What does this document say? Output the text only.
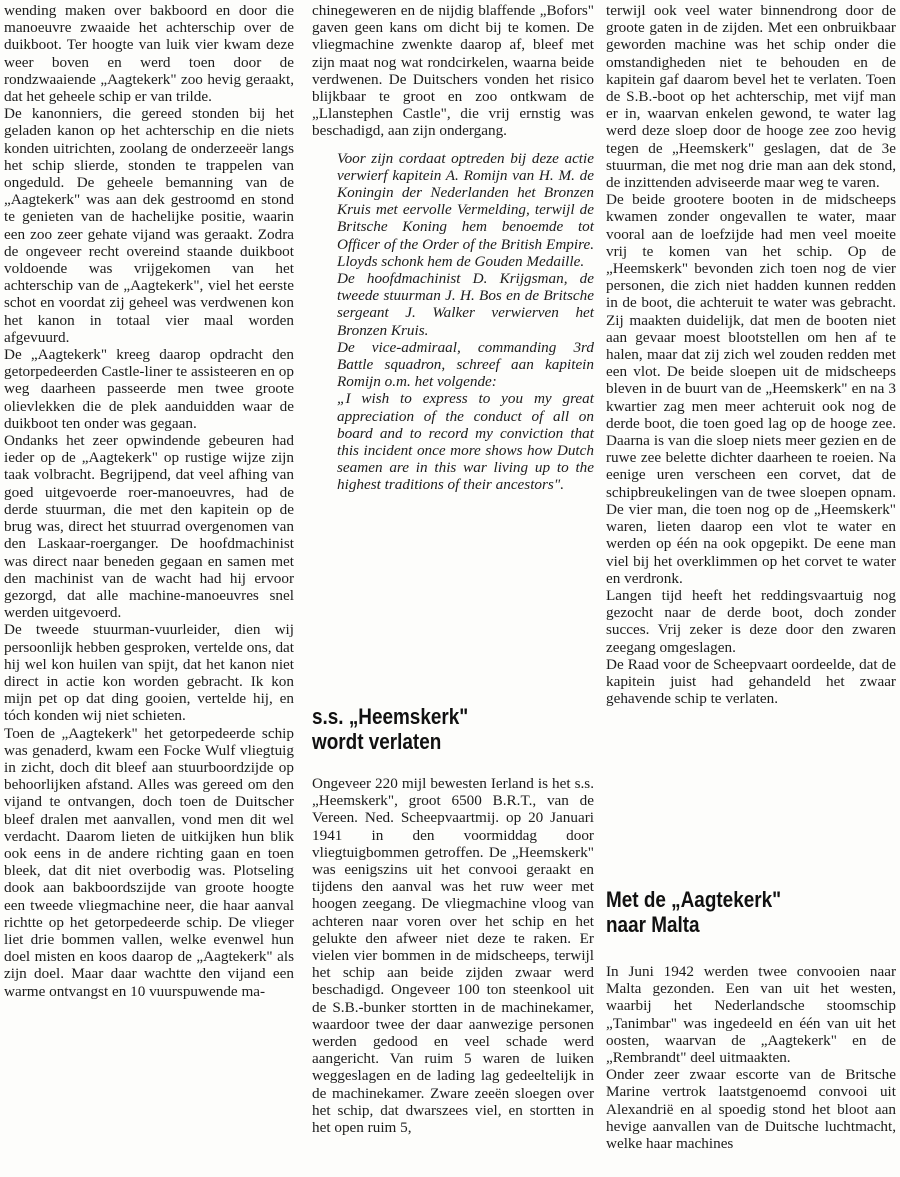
wending maken over bakboord en door die manoeuvre zwaaide het achterschip over de duikboot. Ter hoogte van luik vier kwam deze weer boven en werd toen door de rondzwaaiende „Aagtekerk" zoo hevig geraakt, dat het geheele schip er van trilde.

De kanonniers, die gereed stonden bij het geladen kanon op het achterschip en die niets konden uitrichten, zoolang de onderzeeër langs het schip slierde, stonden te trappelen van ongeduld. De geheele bemanning van de „Aagtekerk" was aan dek gestroomd en stond te genieten van de hachelijke positie, waarin een zoo zeer gehate vijand was geraakt. Zodra de ongeveer recht overeind staande duikboot voldoende was vrijgekomen van het achterschip van de „Aagtekerk", viel het eerste schot en voordat zij geheel was verdwenen kon het kanon in totaal vier maal worden afgevuurd.

De „Aagtekerk" kreeg daarop opdracht den getorpedeerden Castle-liner te assisteeren en op weg daarheen passeerde men twee groote olievlekken die de plek aanduidden waar de duikboot ten onder was gegaan.

Ondanks het zeer opwindende gebeuren had ieder op de „Aagtekerk" op rustige wijze zijn taak volbracht. Begrijpend, dat veel afhing van goed uitgevoerde roer-manoeuvres, had de derde stuurman, die met den kapitein op de brug was, direct het stuurrad overgenomen van den Laskaar-roerganger. De hoofdmachinist was direct naar beneden gegaan en samen met den machinist van de wacht had hij ervoor gezorgd, dat alle machine-manoeuvres snel werden uitgevoerd.

De tweede stuurman-vuurleider, dien wij persoonlijk hebben gesproken, vertelde ons, dat hij wel kon huilen van spijt, dat het kanon niet direct in actie kon worden gebracht. Ik kon mijn pet op dat ding gooien, vertelde hij, en tóch konden wij niet schieten.

Toen de „Aagtekerk" het getorpedeerde schip was genaderd, kwam een Focke Wulf vliegtuig in zicht, doch dit bleef aan stuurboordzijde op behoorlijken afstand. Alles was gereed om den vijand te ontvangen, doch toen de Duitscher bleef dralen met aanvallen, vond men dit wel verdacht. Daarom lieten de uitkijken hun blik ook eens in de andere richting gaan en toen bleek, dat dit niet overbodig was. Plotseling dook aan bakboordszijde van groote hoogte een tweede vliegmachine neer, die haar aanval richtte op het getorpedeerde schip. De vlieger liet drie bommen vallen, welke evenwel hun doel misten en koos daarop de „Aagtekerk" als zijn doel. Maar daar wachtte den vijand een warme ontvangst en 10 vuurspuwende ma-

chinegeweren en de nijdig blaffende „Bofors" gaven geen kans om dicht bij te komen. De vliegmachine zwenkte daarop af, bleef met zijn maat nog wat rondcirkelen, waarna beide verdwenen. De Duitschers vonden het risico blijkbaar te groot en zoo ontkwam de „Llanstephen Castle", die vrij ernstig was beschadigd, aan zijn ondergang.

Voor zijn cordaat optreden bij deze actie verwierf kapitein A. Romijn van H. M. de Koningin der Nederlanden het Bronzen Kruis met eervolle Vermelding, terwijl de Britsche Koning hem benoemde tot Officer of the Order of the British Empire. Lloyds schonk hem de Gouden Medaille.

De hoofdmachinist D. Krijgsman, de tweede stuurman J. H. Bos en de Britsche sergeant J. Walker verwierven het Bronzen Kruis.

De vice-admiraal, commanding 3rd Battle squadron, schreef aan kapitein Romijn o.m. het volgende:

„I wish to express to you my great appreciation of the conduct of all on board and to record my conviction that this incident once more shows how Dutch seamen are in this war living up to the highest traditions of their ancestors".

s.s. „Heemskerk"
wordt verlaten

Ongeveer 220 mijl bewesten Ierland is het s.s. „Heemskerk", groot 6500 B.R.T., van de Vereen. Ned. Scheepvaartmij. op 20 Januari 1941 in den voormiddag door vliegtuigbommen getroffen. De „Heemskerk" was eenigszins uit het convooi geraakt en tijdens den aanval was het ruw weer met hoogen zeegang. De vliegmachine vloog van achteren naar voren over het schip en het gelukte den afweer niet deze te raken. Er vielen vier bommen in de midscheeps, terwijl het schip aan beide zijden zwaar werd beschadigd. Ongeveer 100 ton steenkool uit de S.B.-bunker stortten in de machinekamer, waardoor twee der daar aanwezige personen werden gedood en veel schade werd aangericht. Van ruim 5 waren de luiken weggeslagen en de lading lag gedeeltelijk in de machinekamer. Zware zeeën sloegen over het schip, dat dwarszees viel, en stortten in het open ruim 5,

terwijl ook veel water binnendrong door de groote gaten in de zijden. Met een onbruikbaar geworden machine was het schip onder die omstandigheden niet te behouden en de kapitein gaf daarom bevel het te verlaten. Toen de S.B.-boot op het achterschip, met vijf man er in, waarvan enkelen gewond, te water lag werd deze sloep door de hooge zee zoo hevig tegen de „Heemskerk" geslagen, dat de 3e stuurman, die met nog drie man aan dek stond, de inzittenden adviseerde maar weg te varen.

De beide grootere booten in de midscheeps kwamen zonder ongevallen te water, maar vooral aan de loefzijde had men veel moeite vrij te komen van het schip. Op de „Heemskerk" bevonden zich toen nog de vier personen, die zich niet hadden kunnen redden in de boot, die achteruit te water was gebracht. Zij maakten duidelijk, dat men de booten niet aan gevaar moest blootstellen om hen af te halen, maar dat zij zich wel zouden redden met een vlot. De beide sloepen uit de midscheeps bleven in de buurt van de „Heemskerk" en na 3 kwartier zag men meer achteruit ook nog de derde boot, die toen goed lag op de hooge zee. Daarna is van die sloep niets meer gezien en de ruwe zee belette dichter daarheen te roeien. Na eenige uren verscheen een corvet, dat de schipbreukelingen van de twee sloepen opnam. De vier man, die toen nog op de „Heemskerk" waren, lieten daarop een vlot te water en werden op één na ook opgepikt. De eene man viel bij het overklimmen op het corvet te water en verdronk.

Langen tijd heeft het reddingsvaartuig nog gezocht naar de derde boot, doch zonder succes. Vrij zeker is deze door den zwaren zeegang omgeslagen.

De Raad voor de Scheepvaart oordeelde, dat de kapitein juist had gehandeld het zwaar gehavende schip te verlaten.

Met de „Aagtekerk"
naar Malta

In Juni 1942 werden twee convooien naar Malta gezonden. Een van uit het westen, waarbij het Nederlandsche stoomschip „Tanimbar" was ingedeeld en één van uit het oosten, waarvan de „Aagtekerk" en de „Rembrandt" deel uitmaakten.

Onder zeer zwaar escorte van de Britsche Marine vertrok laatstgenoemd convooi uit Alexandrië en al spoedig stond het bloot aan hevige aanvallen van de Duitsche luchtmacht, welke haar machines
